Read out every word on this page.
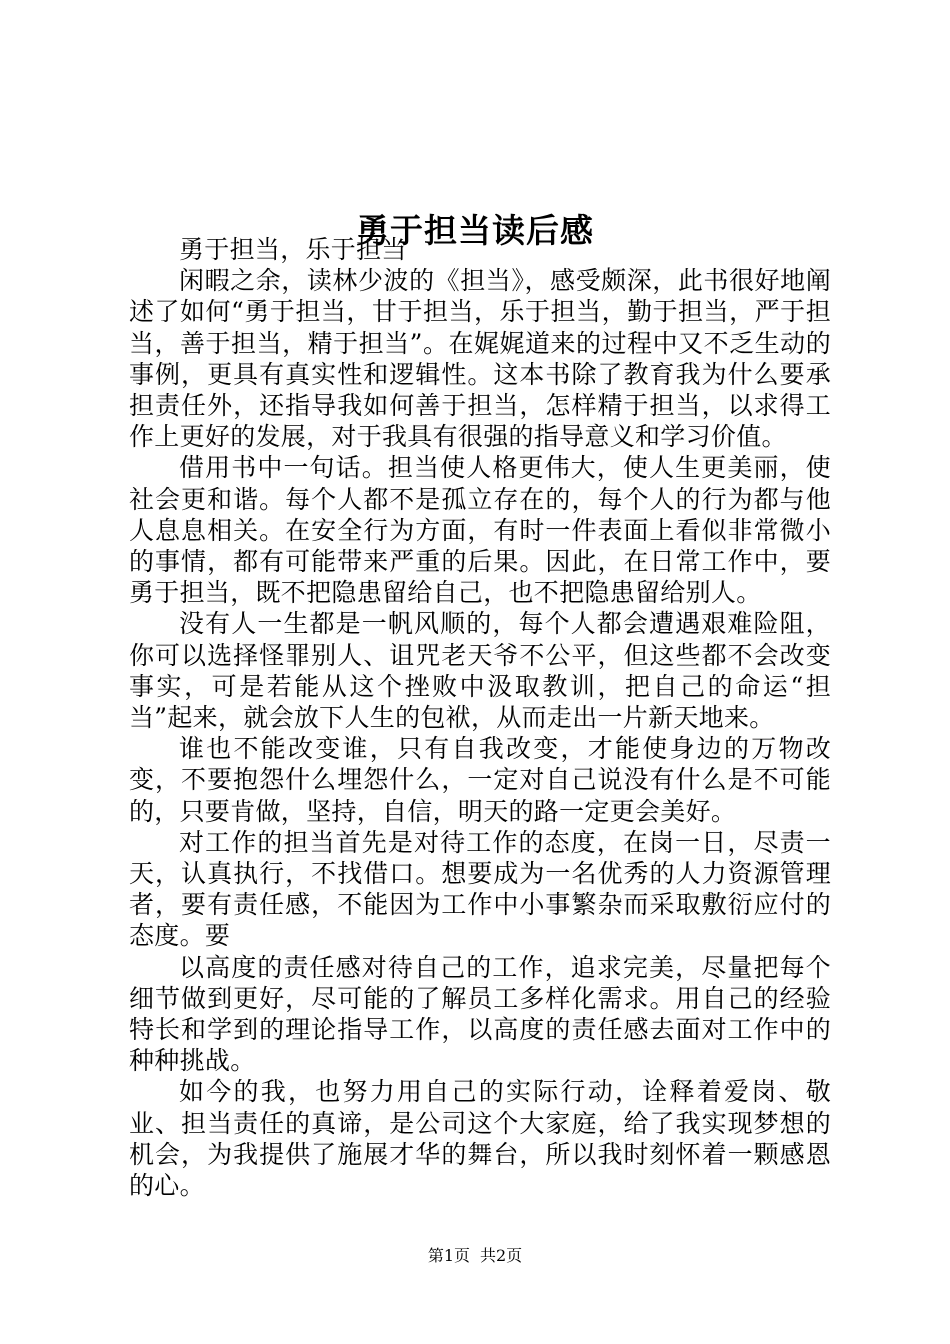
勇于担当读后感

勇于担当，乐于担当

闲暇之余，读林少波的《担当》，感受颇深，此书很好地阐述了如何“勇于担当，甘于担当，乐于担当，勤于担当，严于担当，善于担当，精于担当”。在娓娓道来的过程中又不乏生动的事例，更具有真实性和逻辑性。这本书除了教育我为什么要承担责任外，还指导我如何善于担当，怎样精于担当，以求得工作上更好的发展，对于我具有很强的指导意义和学习价值。

借用书中一句话。担当使人格更伟大，使人生更美丽，使社会更和谐。每个人都不是孤立存在的，每个人的行为都与他人息息相关。在安全行为方面，有时一件表面上看似非常微小的事情，都有可能带来严重的后果。因此，在日常工作中，要勇于担当，既不把隐患留给自己，也不把隐患留给别人。

没有人一生都是一帆风顺的，每个人都会遭遇艰难险阻，你可以选择怪罪别人、诅咒老天爷不公平，但这些都不会改变事实，可是若能从这个挫败中汲取教训，把自己的命运“担当”起来，就会放下人生的包袱，从而走出一片新天地来。

谁也不能改变谁，只有自我改变，才能使身边的万物改变，不要抱怨什么埋怨什么，一定对自己说没有什么是不可能的，只要肯做，坚持，自信，明天的路一定更会美好。

对工作的担当首先是对待工作的态度，在岗一日，尽责一天，认真执行，不找借口。想要成为一名优秀的人力资源管理者，要有责任感，不能因为工作中小事繁杂而采取敷衍应付的态度。要

以高度的责任感对待自己的工作，追求完美，尽量把每个细节做到更好，尽可能的了解员工多样化需求。用自己的经验特长和学到的理论指导工作，以高度的责任感去面对工作中的种种挑战。

如今的我，也努力用自己的实际行动，诠释着爱岗、敬业、担当责任的真谛，是公司这个大家庭，给了我实现梦想的机会，为我提供了施展才华的舞台，所以我时刻怀着一颗感恩的心。

第1页 共2页
